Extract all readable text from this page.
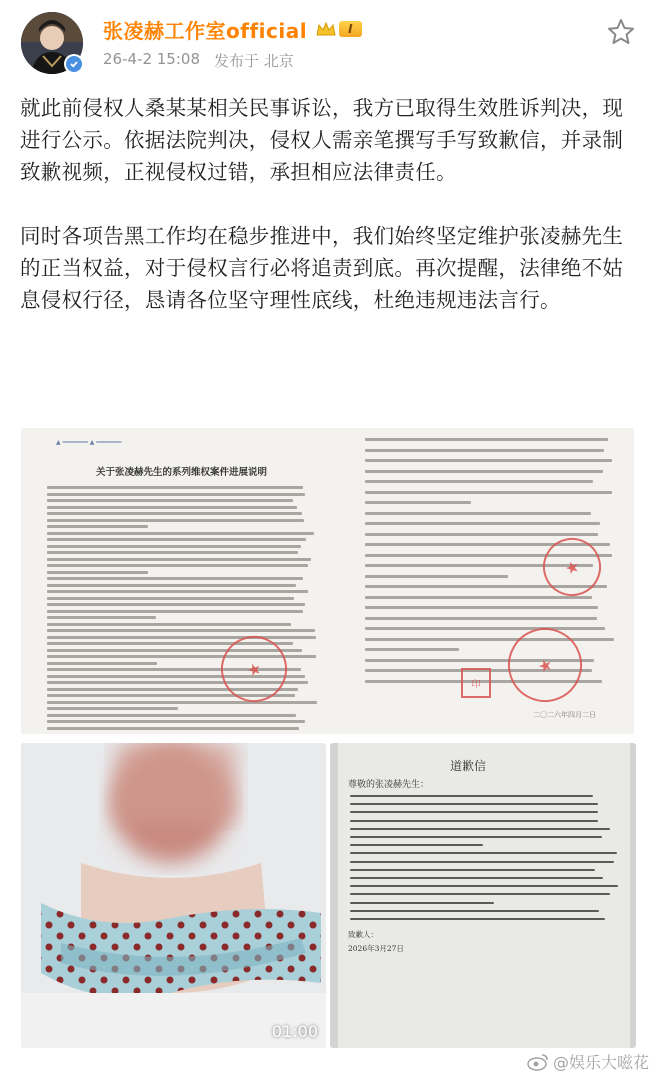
张凌赫工作室official	I
26-4-2 15:08 发布于 北京

就此前侵权人桑某某相关民事诉讼，我方已取得生效胜诉判决，现进行公示。依据法院判决，侵权人需亲笔撰写手写致歉信，并录制致歉视频，正视侵权过错，承担相应法律责任。

同时各项告黑工作均在稳步推进中，我们始终坚定维护张凌赫先生的正当权益，对于侵权言行必将追责到底。再次提醒，法律绝不姑息侵权行径，恳请各位坚守理性底线，杜绝违规违法言行。

▲ ═══════ ▲ ═══════
关于张凌赫先生的系列维权案件进展说明
★
★
★
印
二〇二六年四月二日
01:00
道歉信
尊敬的张凌赫先生：
致歉人：
2026年3月27日
@娱乐大嗞花
